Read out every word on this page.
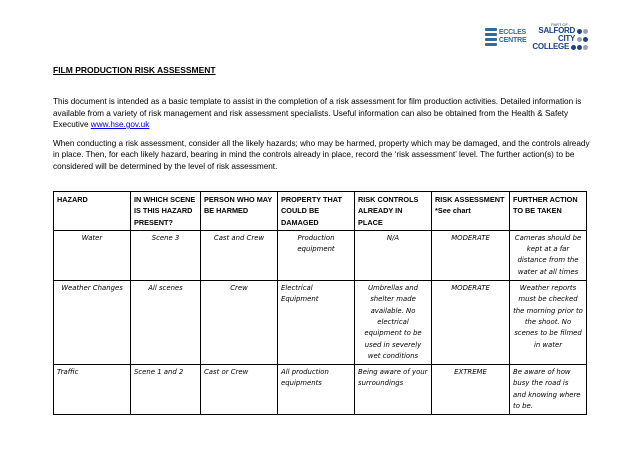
ECCLES
CENTRE
PART OF
SALFORD
CITY
COLLEGE
FILM PRODUCTION RISK ASSESSMENT

This document is intended as a basic template to assist in the completion of a risk assessment for film production activities. Detailed information is available from a variety of risk management and risk assessment specialists. Useful information can also be obtained from the Health & Safety Executive www.hse.gov.uk

When conducting a risk assessment, consider all the likely hazards; who may be harmed, property which may be damaged, and the controls already in place. Then, for each likely hazard, bearing in mind the controls already in place, record the ‘risk assessment’ level. The further action(s) to be considered will be determined by the level of risk assessment.

HAZARD	IN WHICH SCENE IS THIS HAZARD PRESENT?	PERSON WHO MAY BE HARMED	PROPERTY THAT COULD BE DAMAGED	RISK CONTROLS ALREADY IN PLACE	RISK ASSESSMENT *See chart	FURTHER ACTION TO BE TAKEN
Water	Scene 3	Cast and Crew	Production equipment	N/A	MODERATE	Cameras should be kept at a far distance from the water at all times
Weather Changes	All scenes	Crew	Electrical Equipment	Umbrellas and shelter made available. No electrical equipment to be used in severely wet conditions	MODERATE	Weather reports must be checked the morning prior to the shoot. No scenes to be filmed in water
Traffic	Scene 1 and 2	Cast or Crew	All production equipments	Being aware of your surroundings	EXTREME	Be aware of how busy the road is and knowing where to be.
